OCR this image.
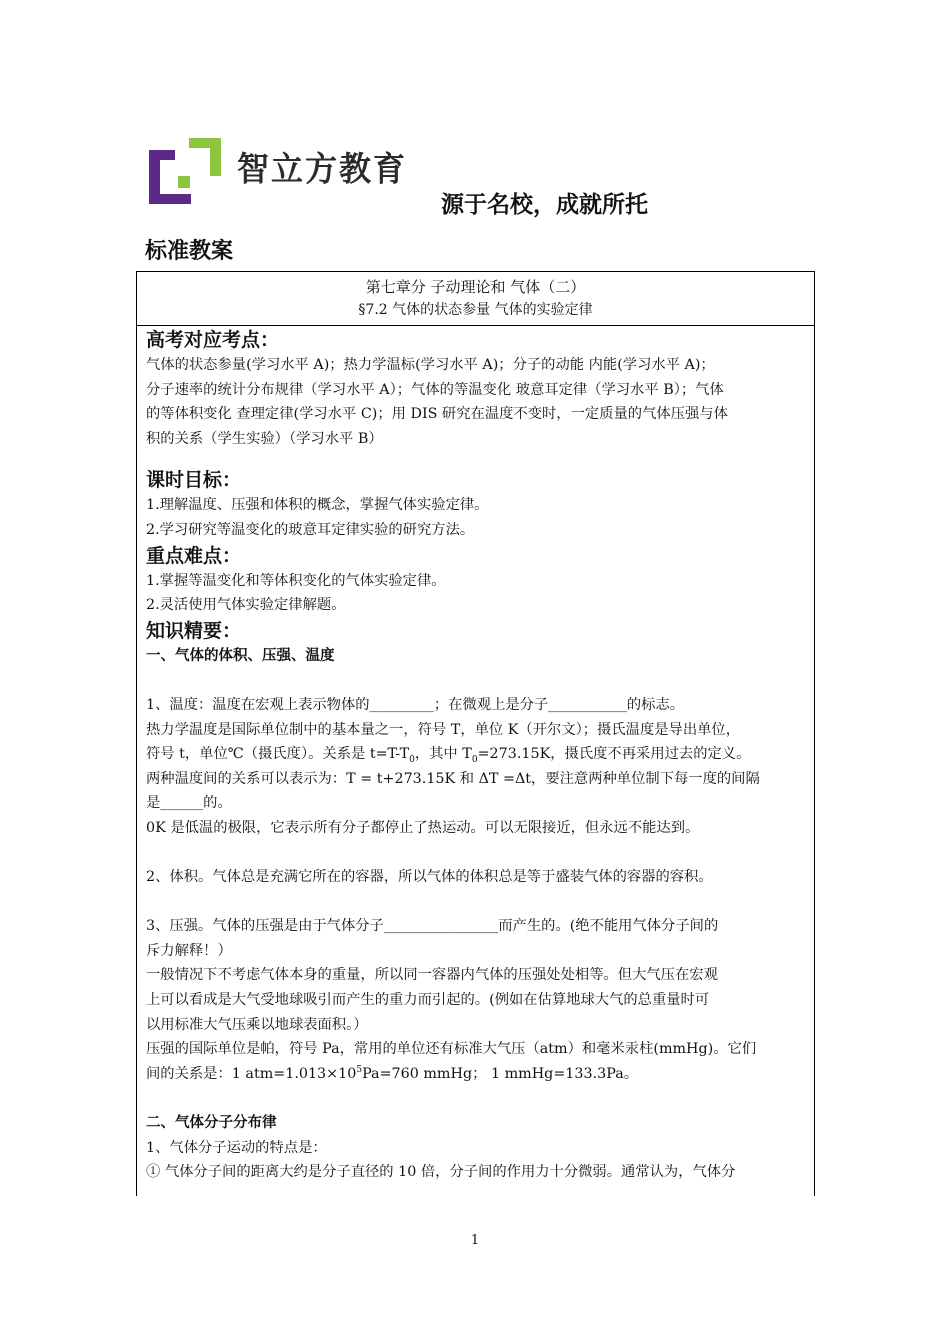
智立方教育
源于名校，成就所托
标准教案
第七章分 子动理论和 气体（二）
§7.2 气体的状态参量 气体的实验定律
高考对应考点：

气体的状态参量(学习水平 A)；热力学温标(学习水平 A)；分子的动能 内能(学习水平 A)；

分子速率的统计分布规律（学习水平 A）；气体的等温变化 玻意耳定律（学习水平 B）；气体

的等体积变化 查理定律(学习水平 C)；用 DIS 研究在温度不变时，一定质量的气体压强与体

积的关系（学生实验）（学习水平 B）

课时目标：

1.理解温度、压强和体积的概念，掌握气体实验定律。

2.学习研究等温变化的玻意耳定律实验的研究方法。

重点难点：

1.掌握等温变化和等体积变化的气体实验定律。

2.灵活使用气体实验定律解题。

知识精要：

一、气体的体积、压强、温度

1、温度：温度在宏观上表示物体的_________；在微观上是分子___________的标志。

热力学温度是国际单位制中的基本量之一，符号 T，单位 K（开尔文）；摄氏温度是导出单位，

符号 t，单位℃（摄氏度）。关系是 $t=T-T_0$，其中 $T_0=273.15K$，摄氏度不再采用过去的定义。

两种温度间的关系可以表示为：T = t+273.15K 和 ΔT =Δt，要注意两种单位制下每一度的间隔

是______的。

0K 是低温的极限，它表示所有分子都停止了热运动。可以无限接近，但永远不能达到。

2、体积。气体总是充满它所在的容器，所以气体的体积总是等于盛装气体的容器的容积。

3、压强。气体的压强是由于气体分子________________而产生的。(绝不能用气体分子间的

斥力解释！）

一般情况下不考虑气体本身的重量，所以同一容器内气体的压强处处相等。但大气压在宏观

上可以看成是大气受地球吸引而产生的重力而引起的。(例如在估算地球大气的总重量时可

以用标准大气压乘以地球表面积。）

压强的国际单位是帕，符号 Pa，常用的单位还有标准大气压（atm）和毫米汞柱(mmHg)。它们

间的关系是：1 $atm=1.013\times 10^5Pa=760$ mmHg； 1 mmHg=133.3Pa。

二、气体分子分布律

1、气体分子运动的特点是：

① 气体分子间的距离大约是分子直径的 10 倍，分子间的作用力十分微弱。通常认为，气体分

1
